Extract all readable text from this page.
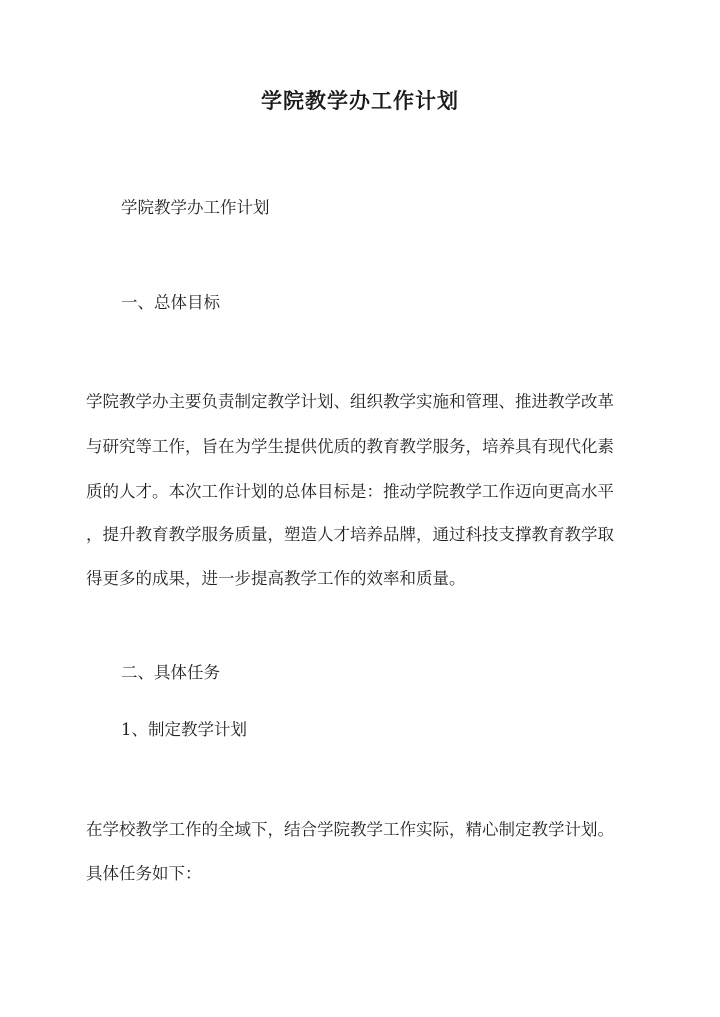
学院教学办工作计划
学院教学办工作计划
一、总体目标
学院教学办主要负责制定教学计划、组织教学实施和管理、推进教学改革
与研究等工作，旨在为学生提供优质的教育教学服务，培养具有现代化素
质的人才。本次工作计划的总体目标是：推动学院教学工作迈向更高水平
，提升教育教学服务质量，塑造人才培养品牌，通过科技支撑教育教学取
得更多的成果，进一步提高教学工作的效率和质量。
二、具体任务
1、制定教学计划
在学校教学工作的全域下，结合学院教学工作实际，精心制定教学计划。
具体任务如下：
